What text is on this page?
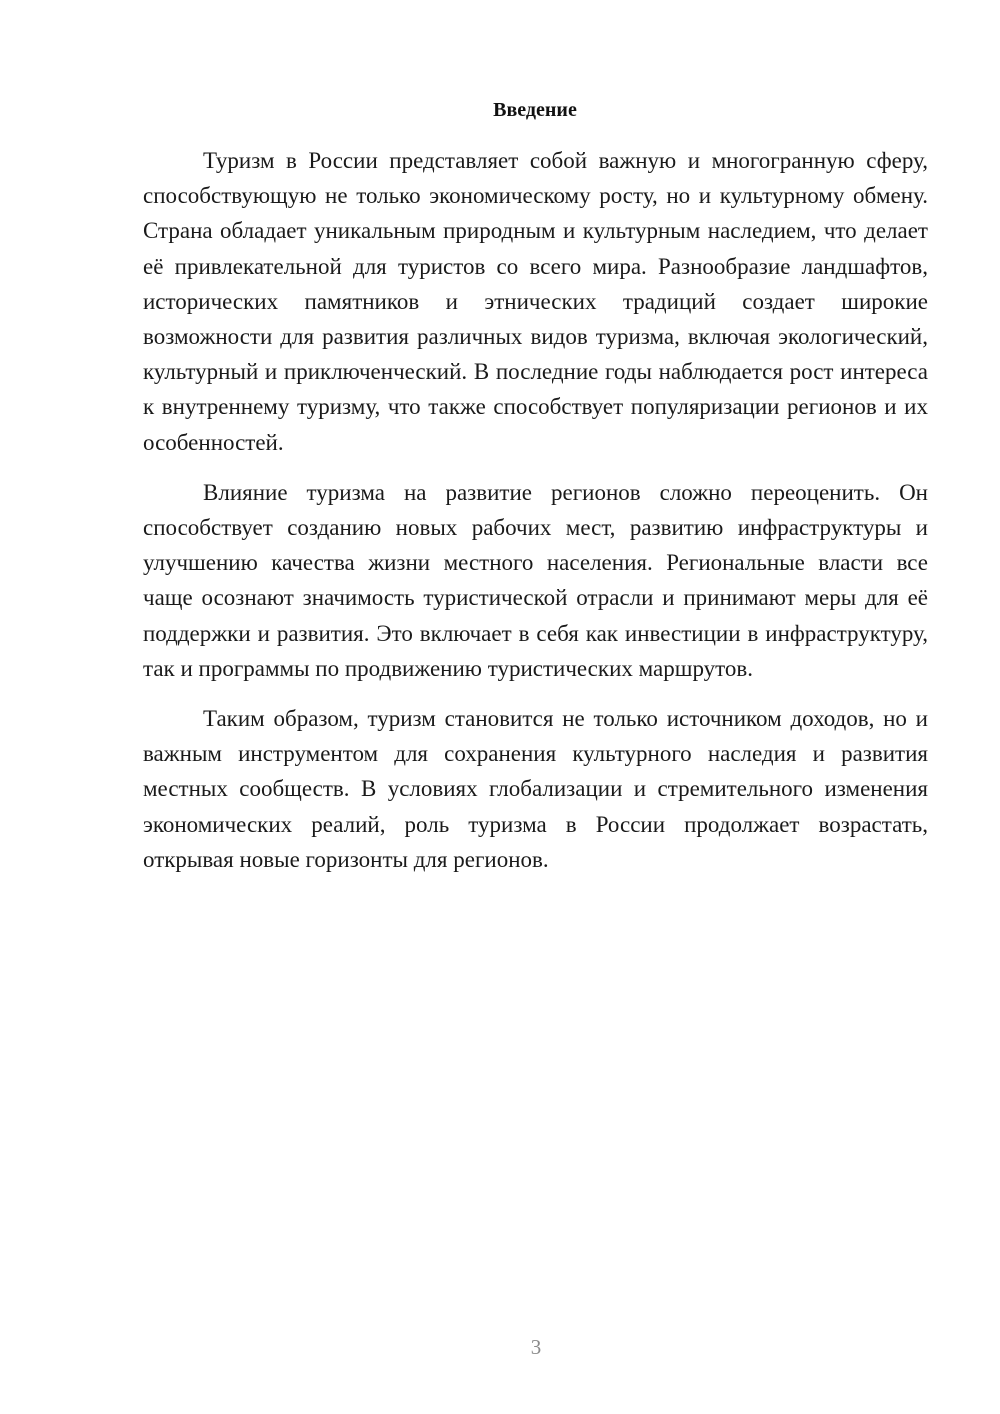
Введение

Туризм в России представляет собой важную и многогранную сферу, способствующую не только экономическому росту, но и культурному обмену. Страна обладает уникальным природным и культурным наследием, что делает её привлекательной для туристов со всего мира. Разнообразие ландшафтов, исторических памятников и этнических традиций создает широкие возможности для развития различных видов туризма, включая экологический, культурный и приключенческий. В последние годы наблюдается рост интереса к внутреннему туризму, что также способствует популяризации регионов и их особенностей.

Влияние туризма на развитие регионов сложно переоценить. Он способствует созданию новых рабочих мест, развитию инфраструктуры и улучшению качества жизни местного населения. Региональные власти все чаще осознают значимость туристической отрасли и принимают меры для её поддержки и развития. Это включает в себя как инвестиции в инфраструктуру, так и программы по продвижению туристических маршрутов.

Таким образом, туризм становится не только источником доходов, но и важным инструментом для сохранения культурного наследия и развития местных сообществ. В условиях глобализации и стремительного изменения экономических реалий, роль туризма в России продолжает возрастать, открывая новые горизонты для регионов.

3
